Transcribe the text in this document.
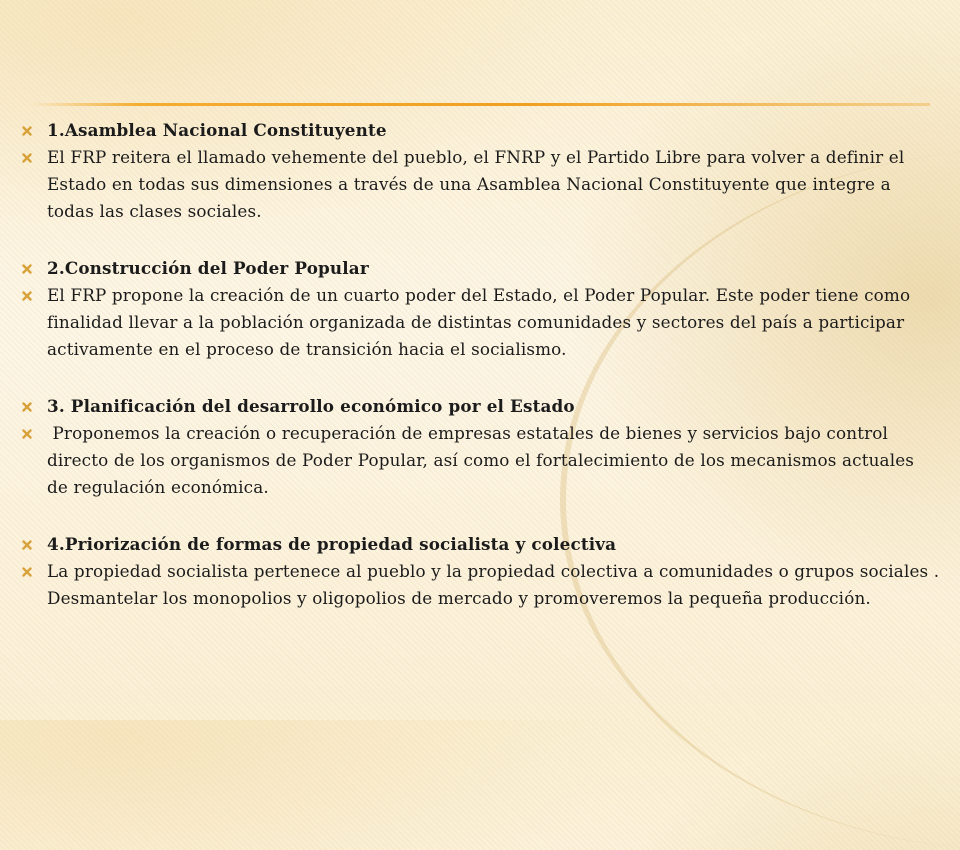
1.Asamblea Nacional Constituyente

El FRP reitera el llamado vehemente del pueblo, el FNRP y el Partido Libre para volver a definir el Estado en todas sus dimensiones a través de una Asamblea Nacional Constituyente que integre a todas las clases sociales.

2.Construcción del Poder Popular

El FRP propone la creación de un cuarto poder del Estado, el Poder Popular. Este poder tiene como finalidad llevar a la población organizada de distintas comunidades y sectores del país a participar activamente en el proceso de transición hacia el socialismo.

3. Planificación del desarrollo económico por el Estado

Proponemos la creación o recuperación de empresas estatales de bienes y servicios bajo control directo de los organismos de Poder Popular, así como el fortalecimiento de los mecanismos actuales de regulación económica.

4.Priorización de formas de propiedad socialista y colectiva

La propiedad socialista pertenece al pueblo y la propiedad colectiva a comunidades o grupos sociales . Desmantelar los monopolios y oligopolios de mercado y promoveremos la pequeña producción.
